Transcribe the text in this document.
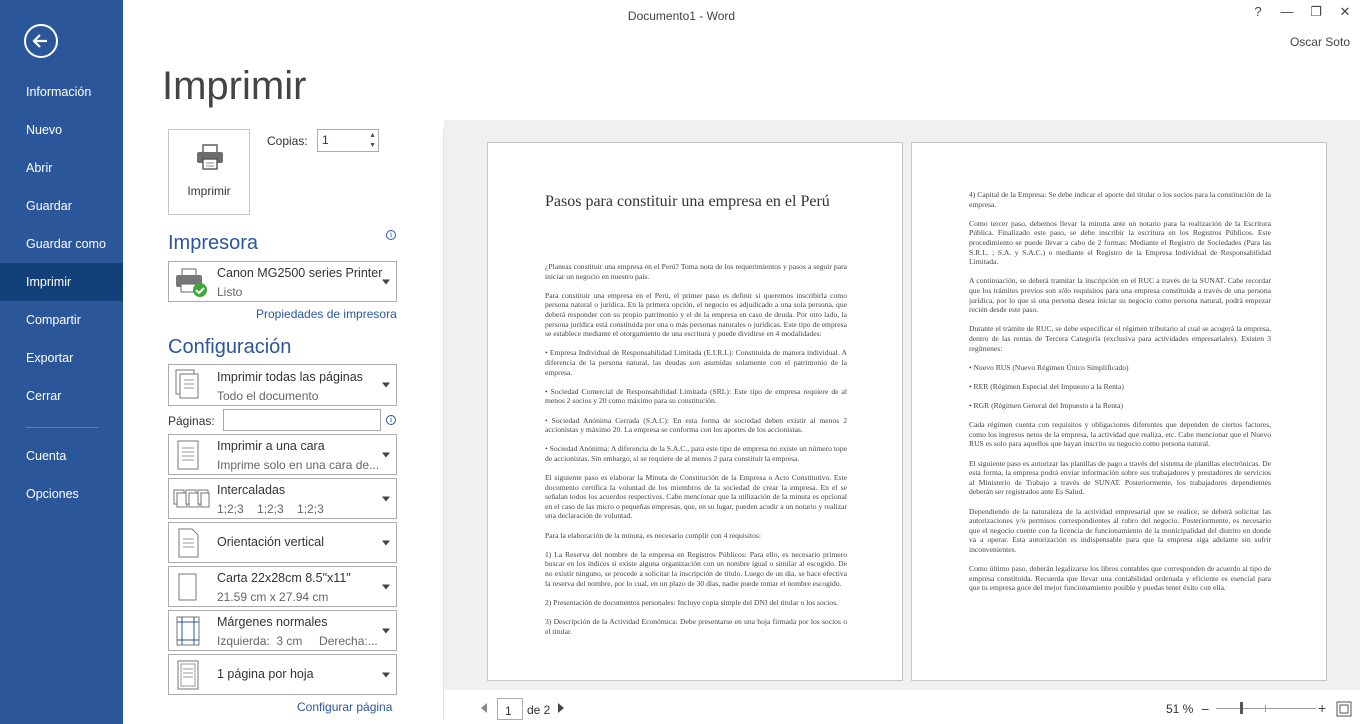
Información
Nuevo
Abrir
Guardar
Guardar como
Imprimir
Compartir
Exportar
Cerrar
Cuenta
Opciones
Documento1 - Word	?	—	❐	✕
Oscar Soto
Imprimir
Imprimir
Copias:	1	▲
▼
Impresora	i
Canon MG2500 series Printer
Listo
Propiedades de impresora
Configuración
Imprimir todas las páginas
Todo el documento
Páginas:	i
Imprimir a una cara
Imprime solo en una cara de...
Intercaladas
1;2;3    1;2;3    1;2;3
Orientación vertical
Carta 22x28cm 8.5"x11"
21.59 cm x 27.94 cm
Márgenes normales
Izquierda:  3 cm     Derecha:...
1 página por hoja
Configurar página
Pasos para constituir una empresa en el Perú

¿Planeas constituir una empresa en el Perú? Toma nota de los requerimientos y pasos a seguir para iniciar un negocio en nuestro país.

Para constituir una empresa en el Perú, el primer paso es definir si queremos inscribirla como persona natural o jurídica. En la primera opción, el negocio es adjudicado a una sola persona, que deberá responder con su propio patrimonio y el de la empresa en caso de deuda. Por otro lado, la persona jurídica está constituida por una o más personas naturales o jurídicas. Este tipo de empresa se establece mediante el otorgamiento de una escritura y puede dividirse en 4 modalidades:

• Empresa Individual de Responsabilidad Limitada (E.I.R.L): Constituida de manera individual. A diferencia de la persona natural, las deudas son asumidas solamente con el patrimonio de la empresa.

• Sociedad Comercial de Responsabilidad Limitada (SRL): Este tipo de empresa requiere de al menos 2 socios y 20 como máximo para su constitución.

• Sociedad Anónima Cerrada (S.A.C): En esta forma de sociedad deben existir al menos 2 accionistas y máximo 20. La empresa se conforma con los aportes de los accionistas.

• Sociedad Anónima: A diferencia de la S.A.C., para este tipo de empresa no existe un número tope de accionistas. Sin embargo, si se requiere de al menos 2 para constituir la empresa.

El siguiente paso es elaborar la Minuta de Constitución de la Empresa o Acto Constitutivo. Este documento certifica la voluntad de los miembros de la sociedad de crear la empresa. En el se señalan todos los acuerdos respectivos. Cabe mencionar que la utilización de la minuta es opcional en el caso de las micro o pequeñas empresas, que, en su lugar, pueden acudir a un notario y realizar una declaración de voluntad.

Para la elaboración de la minuta, es necesario cumplir con 4 requisitos:

1) La Reserva del nombre de la empresa en Registros Públicos: Para ello, es necesario primero buscar en los índices si existe alguna organización con un nombre igual o similar al escogido. De no existir ninguno, se procede a solicitar la inscripción de título. Luego de un día, se hace efectiva la reserva del nombre, por lo cual, en un plazo de 30 días, nadie puede tomar el nombre escogido.

2) Presentación de documentos personales: Incluye copia simple del DNI del titular o los socios.

3) Descripción de la Actividad Económica: Debe presentarse en una hoja firmada por los socios o el titular.

4) Capital de la Empresa: Se debe indicar el aporte del titular o los socios para la constitución de la empresa.

Como tercer paso, debemos llevar la minuta ante un notario para la realización de la Escritura Pública. Finalizado este paso, se debe inscribir la escritura en los Registros Públicos. Este procedimiento se puede llevar a cabo de 2 formas: Mediante el Registro de Sociedades (Para las S.R.L. ; S.A. y S.A.C.) o mediante el Registro de la Empresa Individual de Responsabilidad Limitada.

A continuación, se deberá tramitar la inscripción en el RUC a través de la SUNAT. Cabe recordar que los trámites previos son sólo requisitos para una empresa constituida a través de una persona jurídica, por lo que si una persona desea iniciar su negocio como persona natural, podrá empezar recién desde este paso.

Durante el trámite de RUC, se debe especificar el régimen tributario al cual se acogerá la empresa, dentro de las rentas de Tercera Categoría (exclusiva para actividades empresariales). Existen 3 regímenes:

• Nuevo RUS (Nuevo Régimen Único Simplificado)

• RER (Régimen Especial del Impuesto a la Renta)

• RGR (Régimen General del Impuesto a la Renta)

Cada régimen cuenta con requisitos y obligaciones diferentes que dependen de ciertos factores, como los ingresos netos de la empresa, la actividad que realiza, etc. Cabe mencionar que el Nuevo RUS es solo para aquellos que hayan inscrito su negocio como persona natural.

El siguiente paso es autorizar las planillas de pago a través del sistema de planillas electrónicas. De esta forma, la empresa podrá enviar información sobre sus trabajadores y prestadores de servicios al Ministerio de Trabajo a través de SUNAT. Posteriormente, los trabajadores dependientes deberán ser registrados ante Es Salud.

Dependiendo de la naturaleza de la actividad empresarial que se realice, se deberá solicitar las autorizaciones y/o permisos correspondientes al rubro del negocio. Posteriormente, es necesario que el negocio cuente con la licencia de funcionamiento de la municipalidad del distrito en donde va a operar. Esta autorización es indispensable para que la empresa siga adelante sin sufrir inconvenientes.

Como último paso, deberán legalizarse los libros contables que corresponden de acuerdo al tipo de empresa constituida. Recuerda que llevar una contabilidad ordenada y eficiente es esencial para que tu empresa goce del mejor funcionamiento posible y puedas tener éxito con ella.

1	de 2	51 % −	+
